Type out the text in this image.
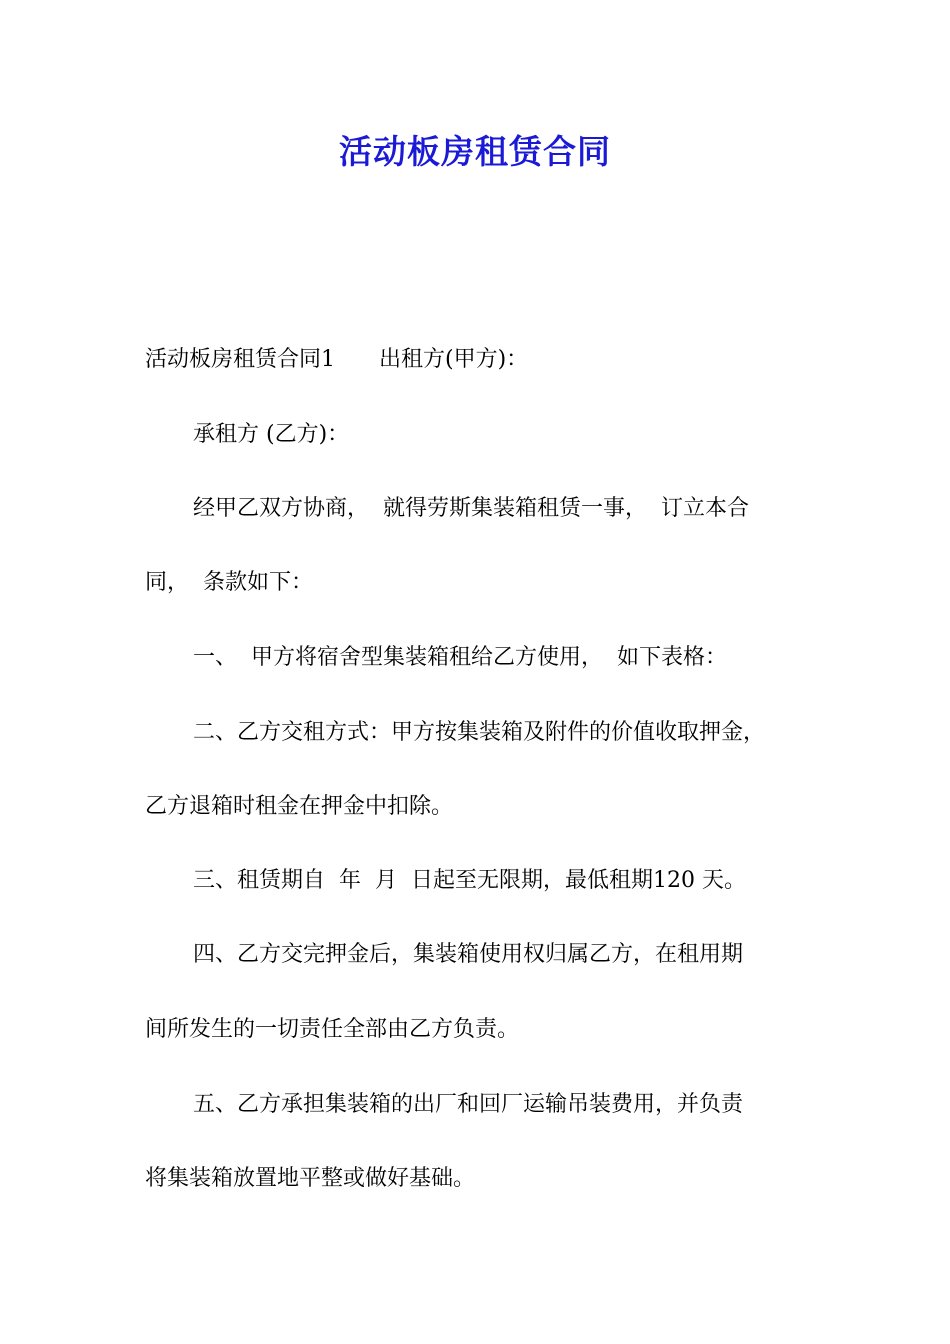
活动板房租赁合同
活动板房租赁合同1　　出租方(甲方)：
承租方 (乙方)：
经甲乙双方协商，  就得劳斯集装箱租赁一事，  订立本合
同，  条款如下：
一、  甲方将宿舍型集装箱租给乙方使用，  如下表格：
二、乙方交租方式：甲方按集装箱及附件的价值收取押金，
乙方退箱时租金在押金中扣除。
三、租赁期自  年  月  日起至无限期，最低租期120 天。
四、乙方交完押金后，集装箱使用权归属乙方，在租用期
间所发生的一切责任全部由乙方负责。
五、乙方承担集装箱的出厂和回厂运输吊装费用，并负责
将集装箱放置地平整或做好基础。
